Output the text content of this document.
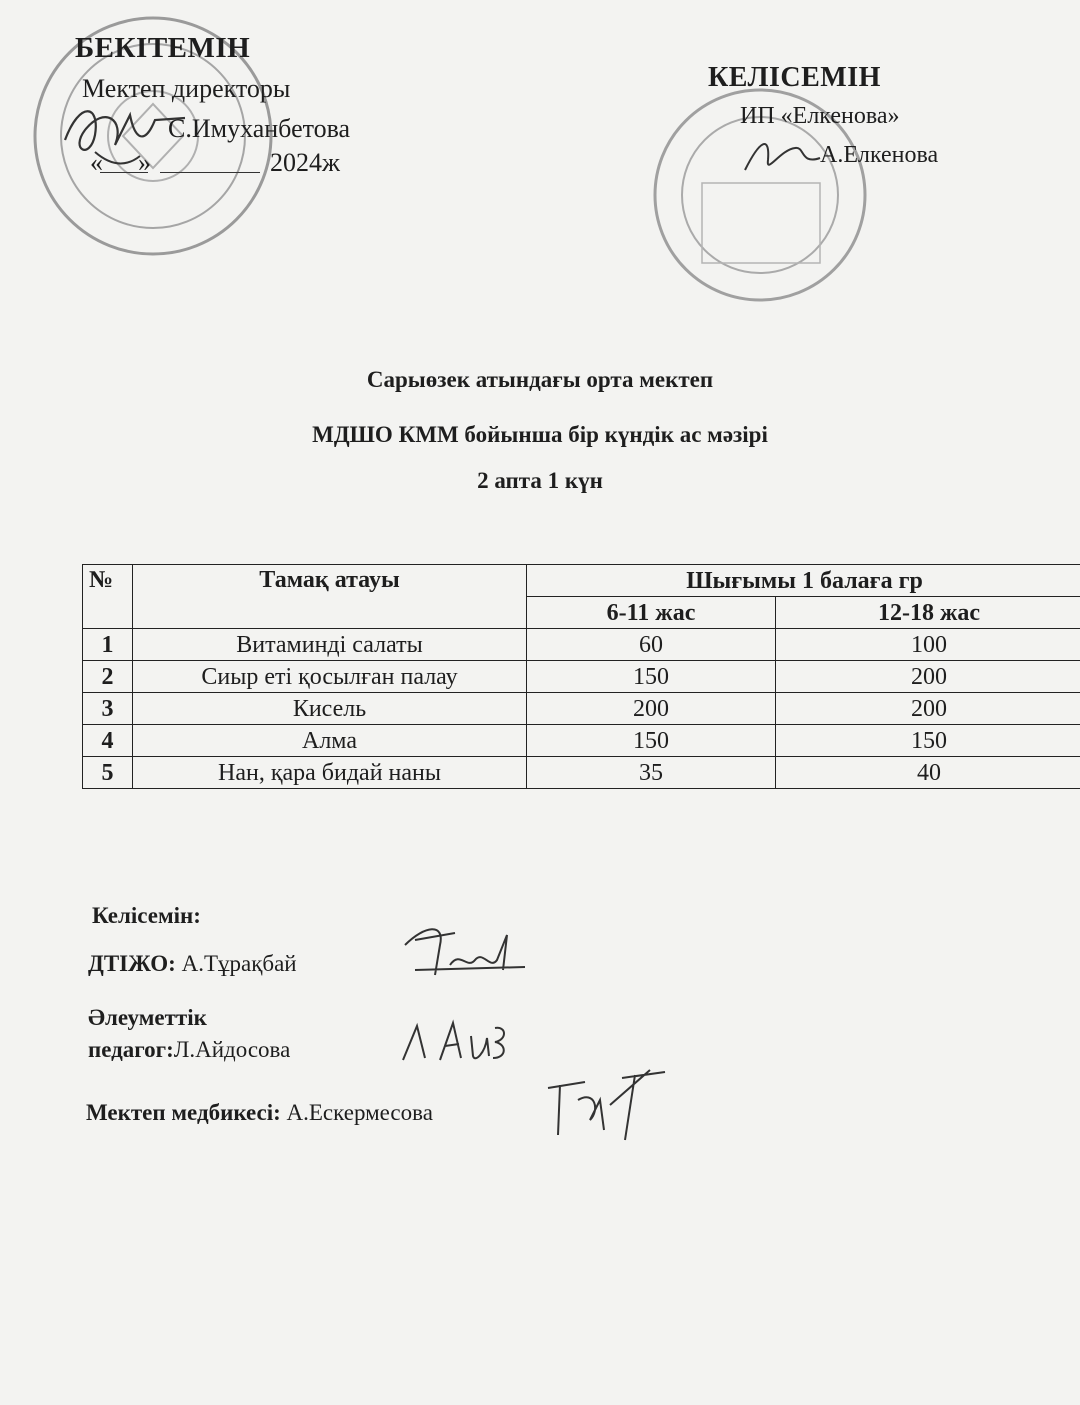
БЕКІТЕМІН
Мектеп директоры
С.Имуханбетова
« »	2024ж
КЕЛІСЕМІН
ИП «Елкенова»
А.Елкенова
Сарыөзек атындағы орта мектеп
МДШО КММ бойынша бір күндік ас мәзірі
2 апта 1 күн
№	Тамақ атауы	Шығымы 1 балаға гр	
		6-11 жас	12-18 жас
1	Витаминді салаты	60	100
2	Сиыр еті қосылған палау	150	200
3	Кисель	200	200
4	Алма	150	150
5	Нан, қара бидай наны	35	40
Келісемін:
ДТІЖО: А.Тұрақбай
Әлеуметтік
педагог:Л.Айдосова
Мектеп медбикесі: А.Ескермесова
